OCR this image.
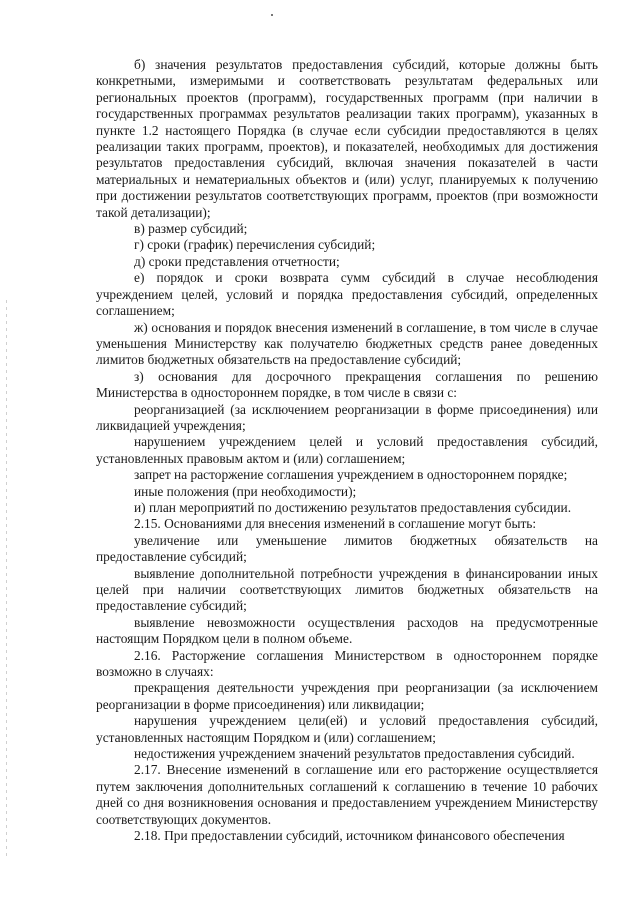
б) значения результатов предоставления субсидий, которые должны быть конкретными, измеримыми и соответствовать результатам федеральных или региональных проектов (программ), государственных программ (при наличии в государственных программах результатов реализации таких программ), указанных в пункте 1.2 настоящего Порядка (в случае если субсидии предоставляются в целях реализации таких программ, проектов), и показателей, необходимых для достижения результатов предоставления субсидий, включая значения показателей в части материальных и нематериальных объектов и (или) услуг, планируемых к получению при достижении результатов соответствующих программ, проектов (при возможности такой детализации);

в) размер субсидий;

г) сроки (график) перечисления субсидий;

д) сроки представления отчетности;

е) порядок и сроки возврата сумм субсидий в случае несоблюдения учреждением целей, условий и порядка предоставления субсидий, определенных соглашением;

ж) основания и порядок внесения изменений в соглашение, в том числе в случае уменьшения Министерству как получателю бюджетных средств ранее доведенных лимитов бюджетных обязательств на предоставление субсидий;

з) основания для досрочного прекращения соглашения по решению Министерства в одностороннем порядке, в том числе в связи с:

реорганизацией (за исключением реорганизации в форме присоединения) или ликвидацией учреждения;

нарушением учреждением целей и условий предоставления субсидий, установленных правовым актом и (или) соглашением;

запрет на расторжение соглашения учреждением в одностороннем порядке;

иные положения (при необходимости);

и) план мероприятий по достижению результатов предоставления субсидии.

2.15. Основаниями для внесения изменений в соглашение могут быть:

увеличение или уменьшение лимитов бюджетных обязательств на предоставление субсидий;

выявление дополнительной потребности учреждения в финансировании иных целей при наличии соответствующих лимитов бюджетных обязательств на предоставление субсидий;

выявление невозможности осуществления расходов на предусмотренные настоящим Порядком цели в полном объеме.

2.16. Расторжение соглашения Министерством в одностороннем порядке возможно в случаях:

прекращения деятельности учреждения при реорганизации (за исключением реорганизации в форме присоединения) или ликвидации;

нарушения учреждением цели(ей) и условий предоставления субсидий, установленных настоящим Порядком и (или) соглашением;

недостижения учреждением значений результатов предоставления субсидий.

2.17. Внесение изменений в соглашение или его расторжение осуществляется путем заключения дополнительных соглашений к соглашению в течение 10 рабочих дней со дня возникновения основания и предоставлением учреждением Министерству соответствующих документов.

2.18. При предоставлении субсидий, источником финансового обеспечения
